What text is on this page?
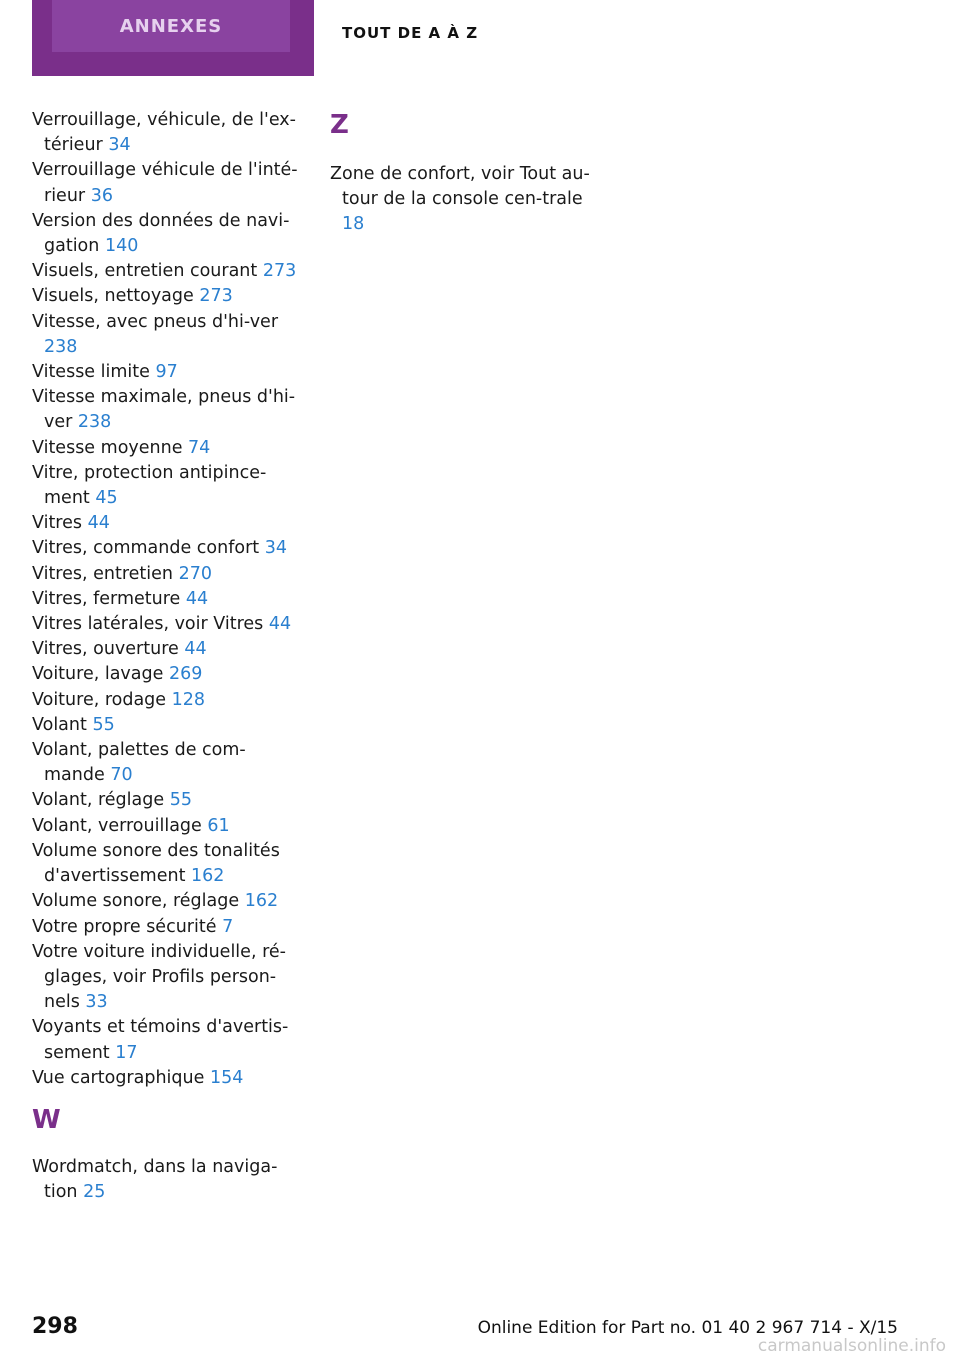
ANNEXES	TOUT DE A À Z
Verrouillage, véhicule, de l'ex-térieur 34
Verrouillage véhicule de l'inté-rieur 36
Version des données de navi-gation 140
Visuels, entretien courant 273
Visuels, nettoyage 273
Vitesse, avec pneus d'hi-ver 238
Vitesse limite 97
Vitesse maximale, pneus d'hi-ver 238
Vitesse moyenne 74
Vitre, protection antipince-ment 45
Vitres 44
Vitres, commande confort 34
Vitres, entretien 270
Vitres, fermeture 44
Vitres latérales, voir Vitres 44
Vitres, ouverture 44
Voiture, lavage 269
Voiture, rodage 128
Volant 55
Volant, palettes de com-mande 70
Volant, réglage 55
Volant, verrouillage 61
Volume sonore des tonalités d'avertissement 162
Volume sonore, réglage 162
Votre propre sécurité 7
Votre voiture individuelle, ré-glages, voir Profils person-nels 33
Voyants et témoins d'avertis-sement 17
Vue cartographique 154
W
Wordmatch, dans la naviga-tion 25
Z
Zone de confort, voir Tout au-tour de la console cen-trale 18
298	Online Edition for Part no. 01 40 2 967 714 - X/15
carmanualsonline.info
